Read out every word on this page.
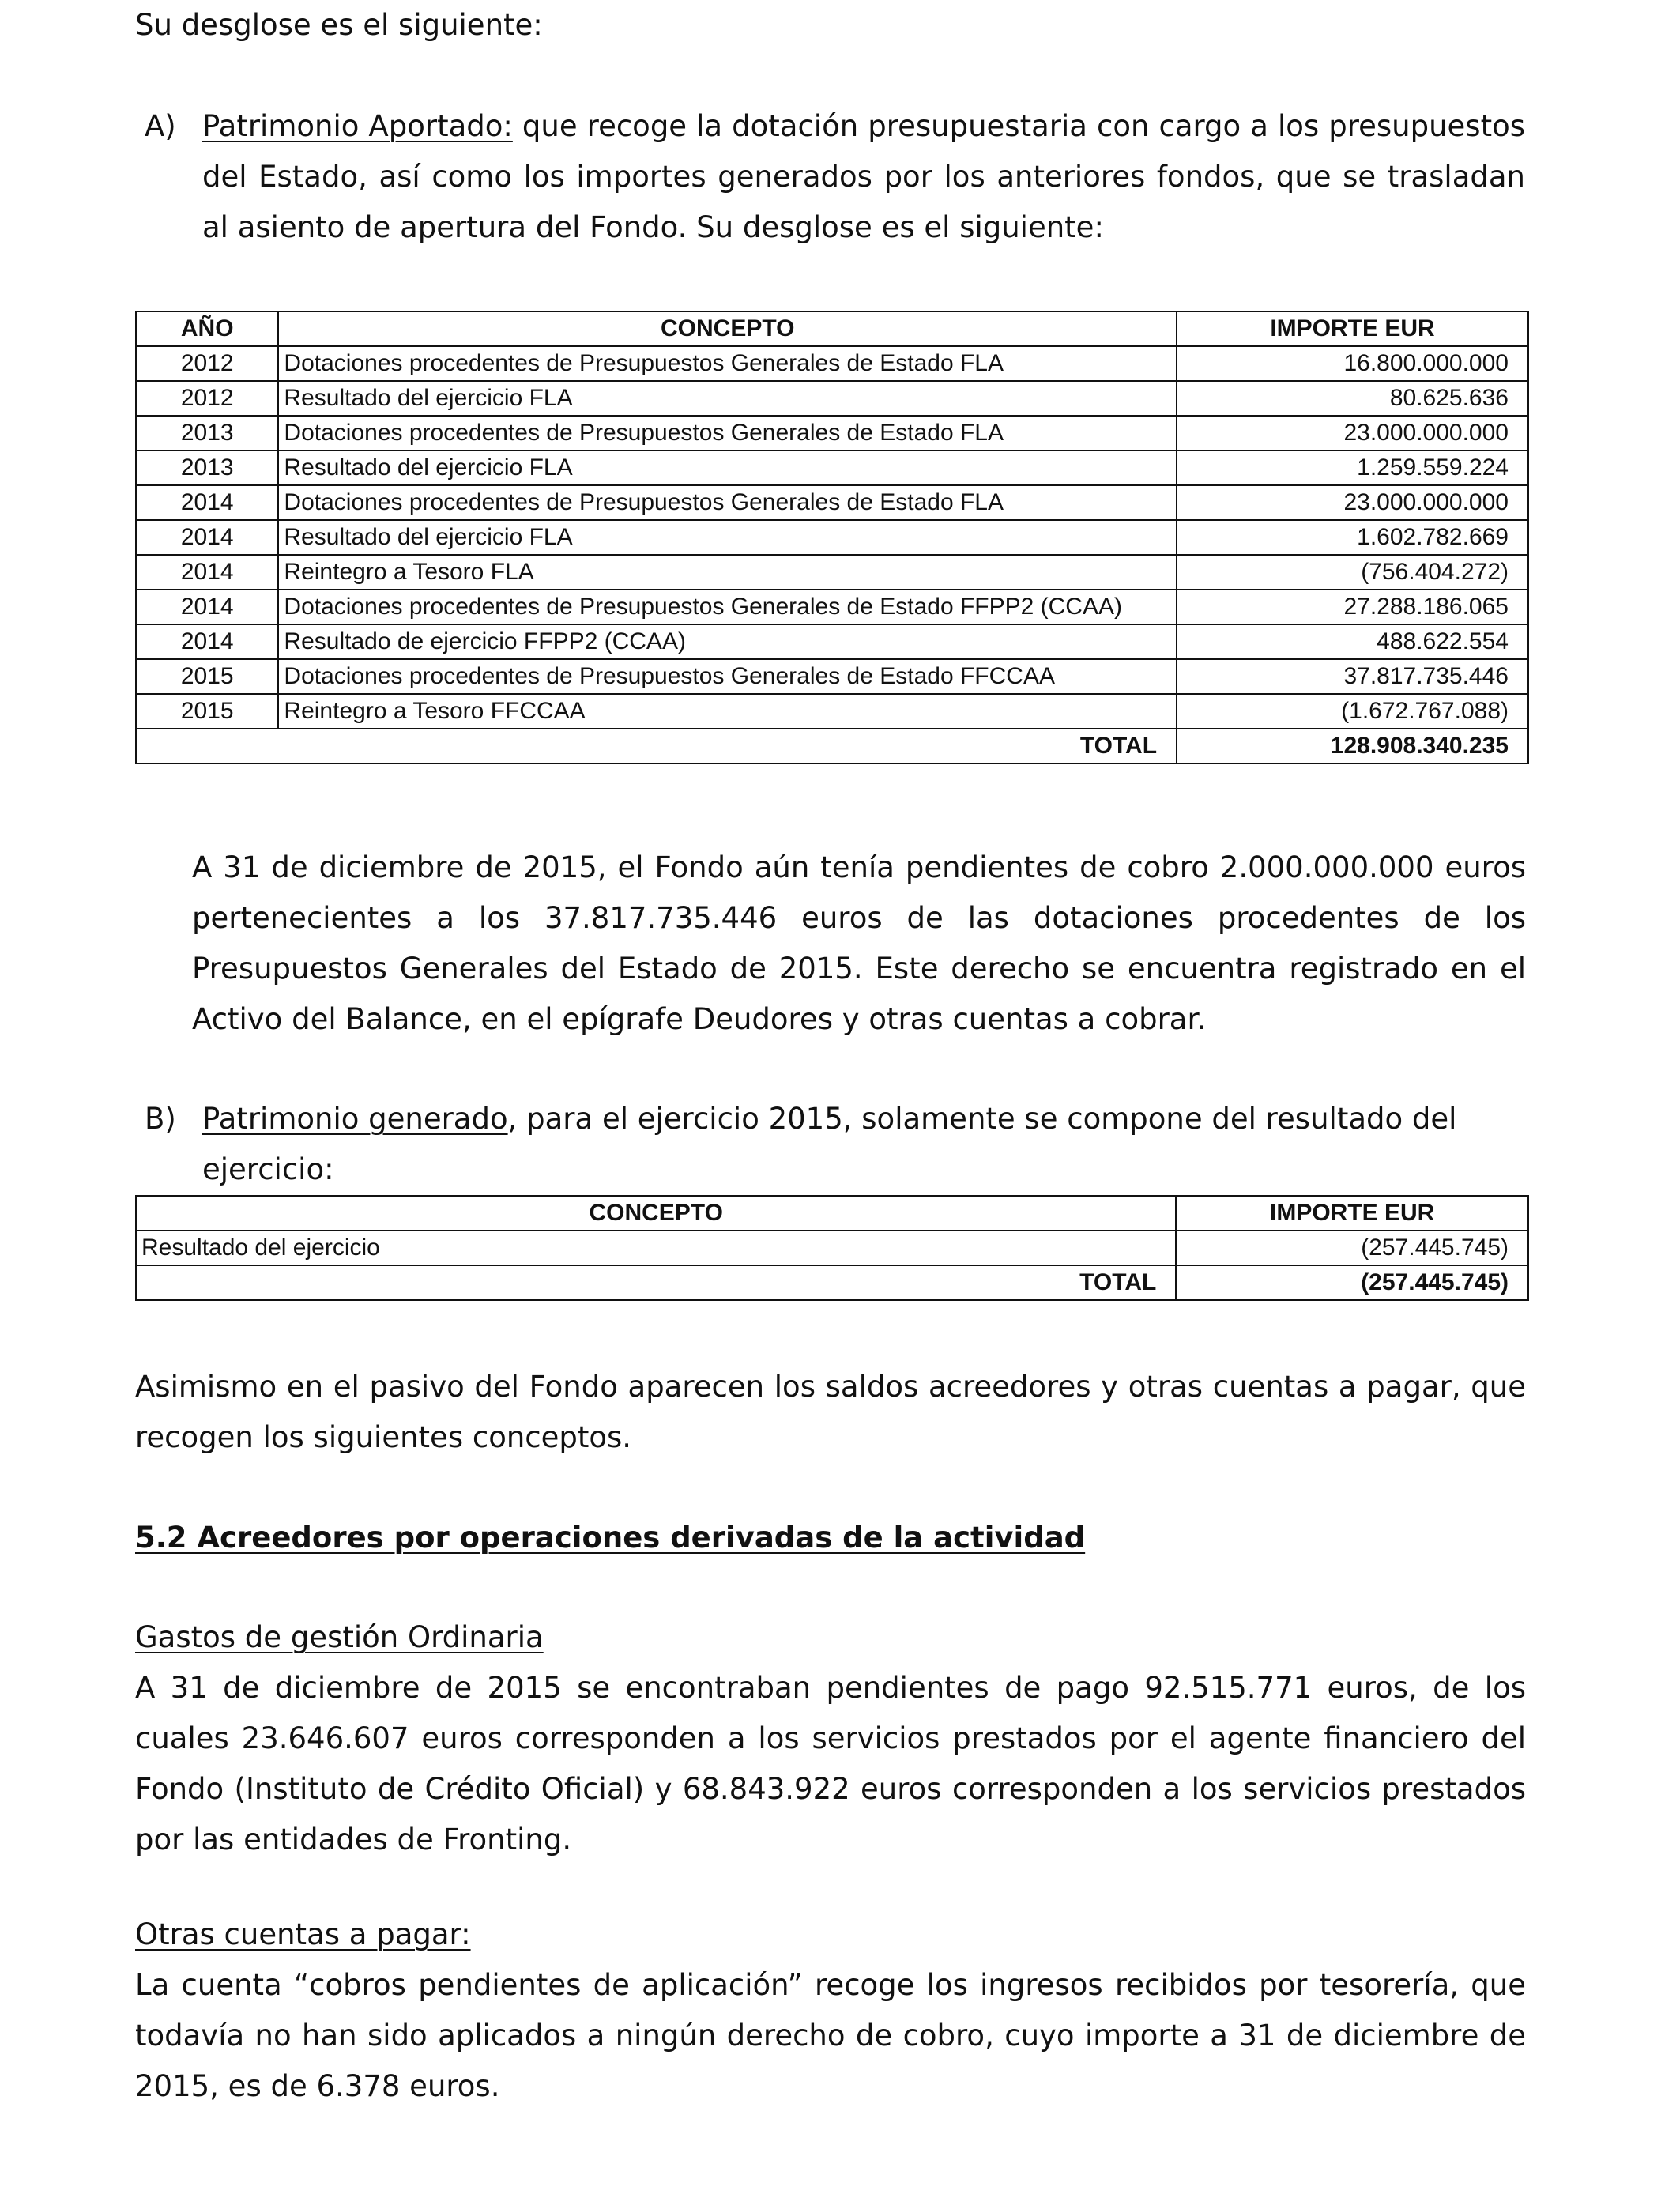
Su desglose es el siguiente:

A) Patrimonio Aportado: que recoge la dotación presupuestaria con cargo a los presupuestos del Estado, así como los importes generados por los anteriores fondos, que se trasladan al asiento de apertura del Fondo. Su desglose es el siguiente:

AÑO	CONCEPTO	IMPORTE EUR
2012	Dotaciones procedentes de Presupuestos Generales de Estado FLA	16.800.000.000
2012	Resultado del ejercicio FLA	80.625.636
2013	Dotaciones procedentes de Presupuestos Generales de Estado FLA	23.000.000.000
2013	Resultado del ejercicio FLA	1.259.559.224
2014	Dotaciones procedentes de Presupuestos Generales de Estado FLA	23.000.000.000
2014	Resultado del ejercicio FLA	1.602.782.669
2014	Reintegro a Tesoro FLA	(756.404.272)
2014	Dotaciones procedentes de Presupuestos Generales de Estado FFPP2 (CCAA)	27.288.186.065
2014	Resultado de ejercicio FFPP2 (CCAA)	488.622.554
2015	Dotaciones procedentes de Presupuestos Generales de Estado FFCCAA	37.817.735.446
2015	Reintegro a Tesoro FFCCAA	(1.672.767.088)
TOTAL		128.908.340.235

A 31 de diciembre de 2015, el Fondo aún tenía pendientes de cobro 2.000.000.000 euros pertenecientes a los 37.817.735.446 euros de las dotaciones procedentes de los Presupuestos Generales del Estado de 2015. Este derecho se encuentra registrado en el Activo del Balance, en el epígrafe Deudores y otras cuentas a cobrar.

B) Patrimonio generado, para el ejercicio 2015, solamente se compone del resultado del ejercicio:

CONCEPTO	IMPORTE EUR
Resultado del ejercicio	(257.445.745)
TOTAL	(257.445.745)

Asimismo en el pasivo del Fondo aparecen los saldos acreedores y otras cuentas a pagar, que recogen los siguientes conceptos.

5.2 Acreedores por operaciones derivadas de la actividad

Gastos de gestión Ordinaria

A 31 de diciembre de 2015 se encontraban pendientes de pago 92.515.771 euros, de los cuales 23.646.607 euros corresponden a los servicios prestados por el agente financiero del Fondo (Instituto de Crédito Oficial) y 68.843.922 euros corresponden a los servicios prestados por las entidades de Fronting.

Otras cuentas a pagar:

La cuenta “cobros pendientes de aplicación” recoge los ingresos recibidos por tesorería, que todavía no han sido aplicados a ningún derecho de cobro, cuyo importe a 31 de diciembre de 2015, es de 6.378 euros.
